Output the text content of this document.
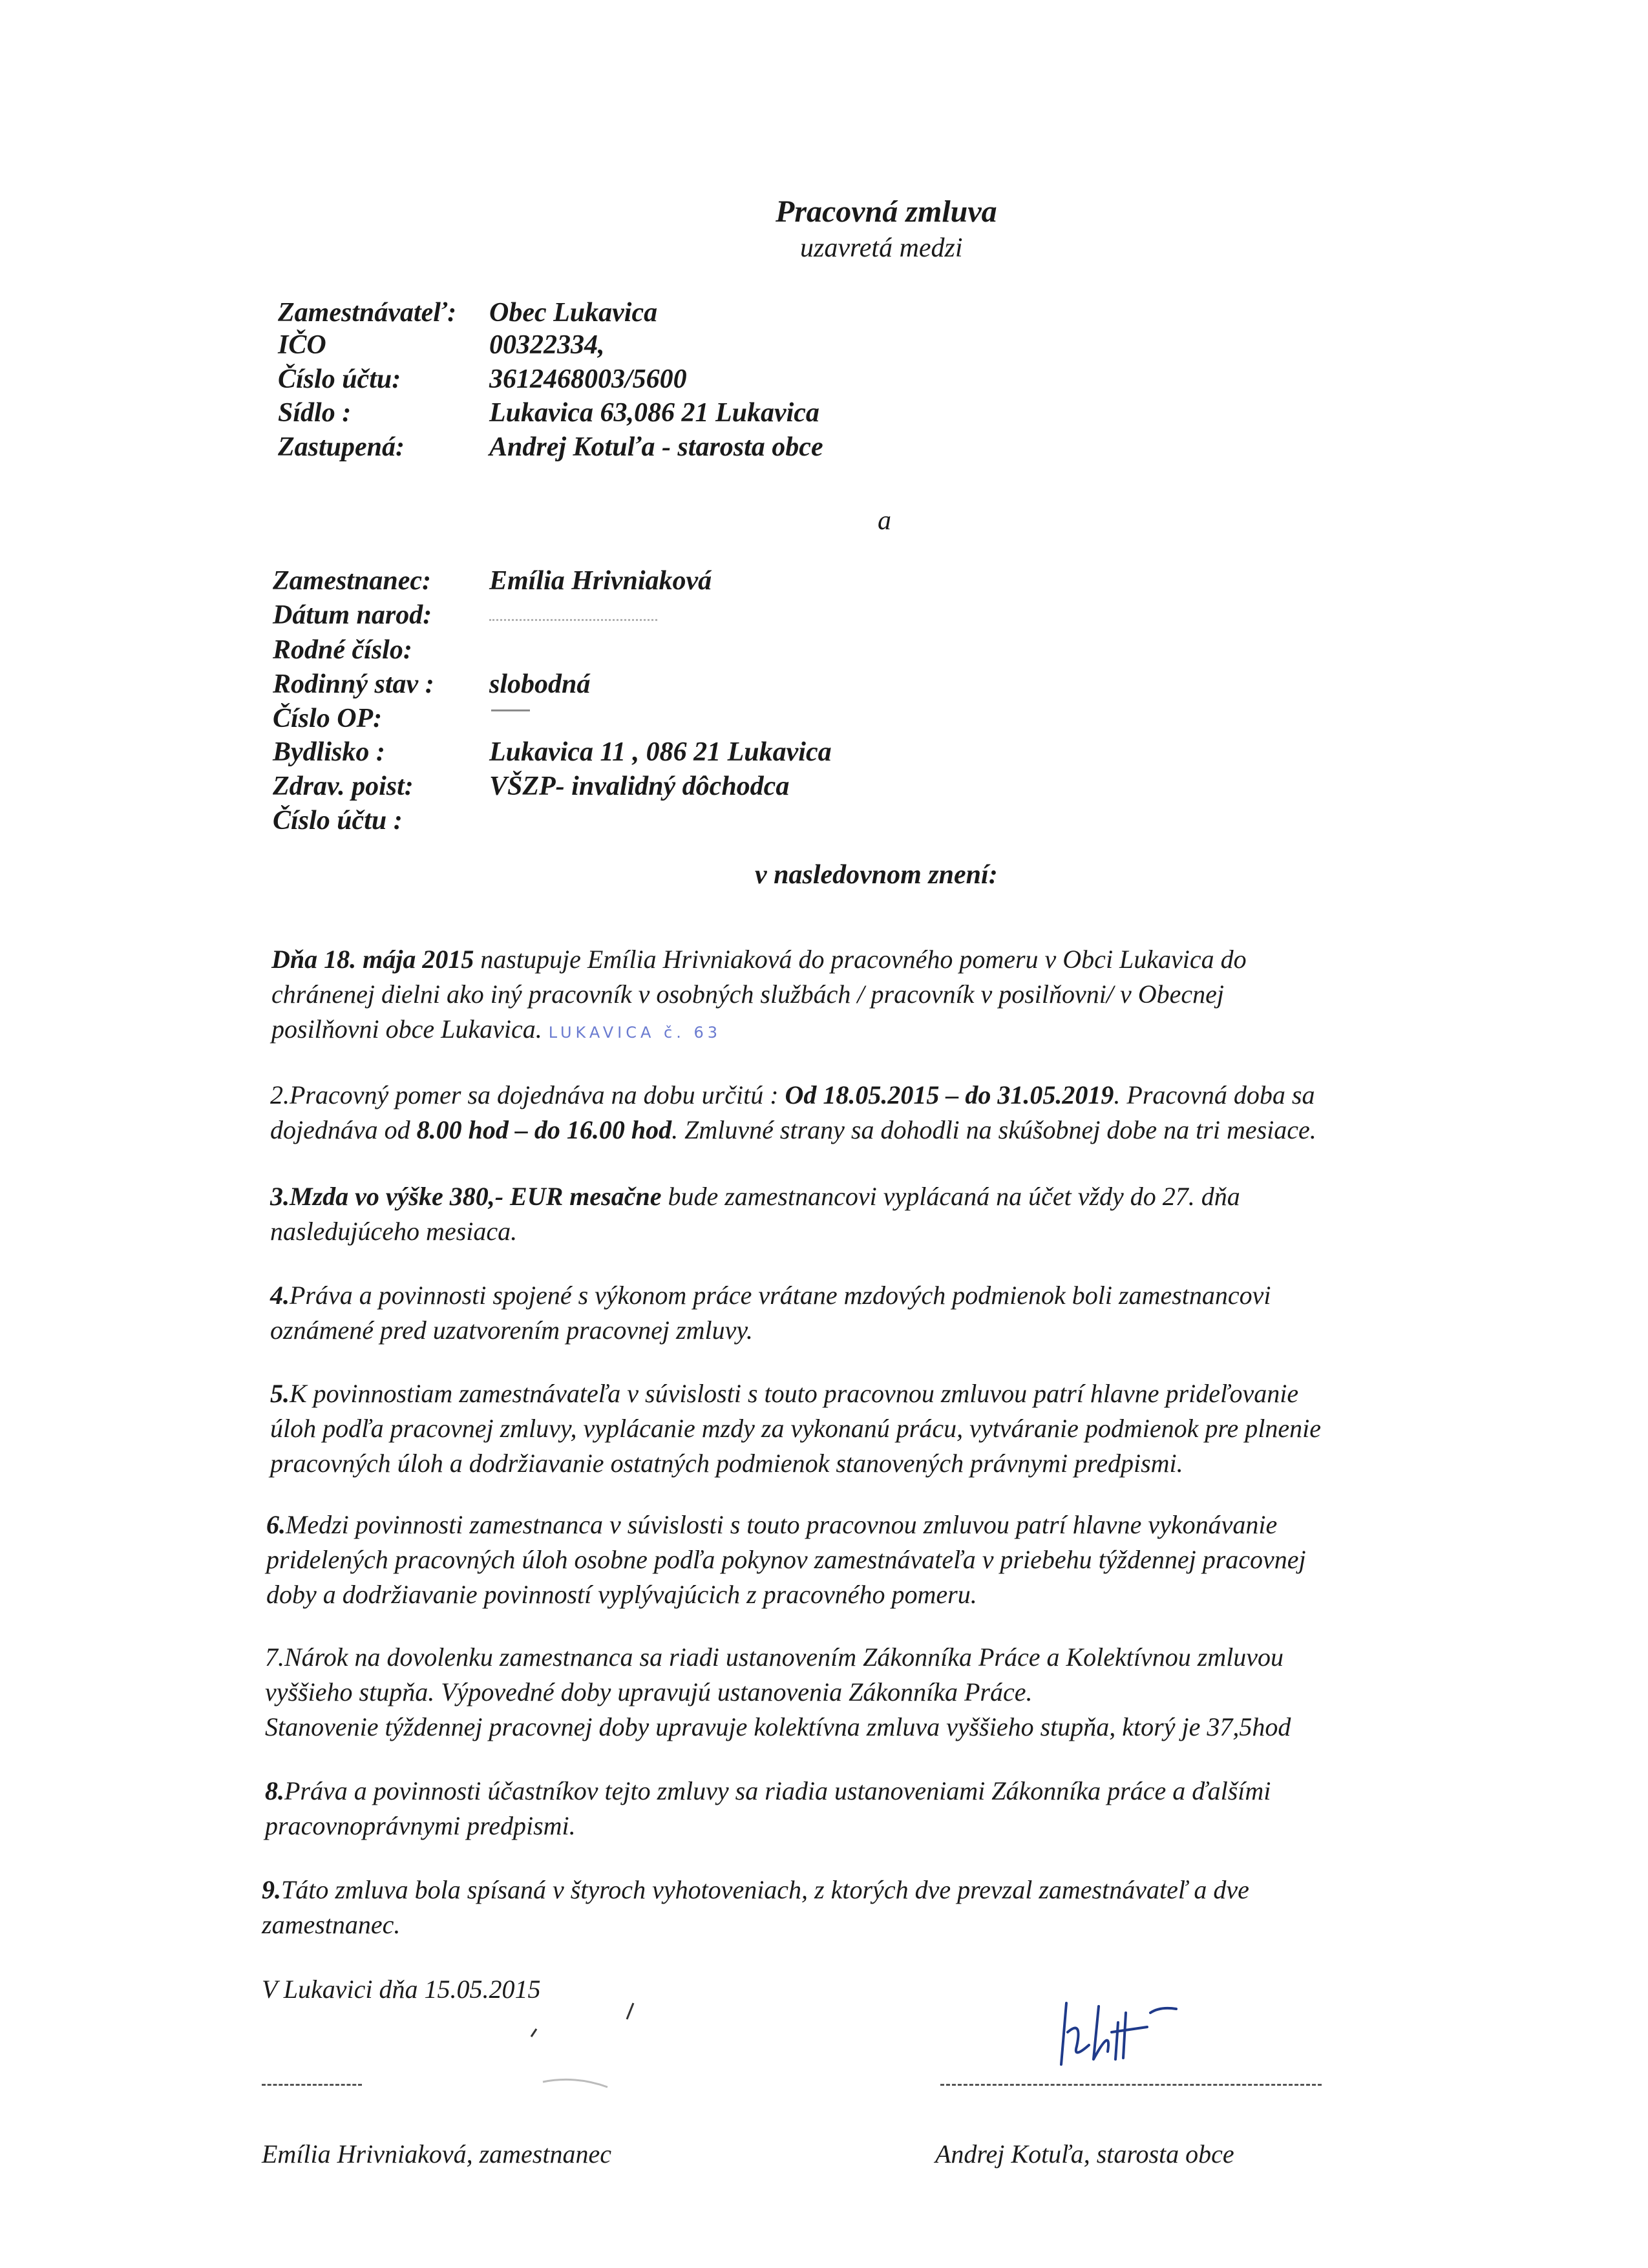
Pracovná zmluva
uzavretá medzi
Zamestnávateľ: Obec Lukavica
IČO	00322334,
Číslo účtu:	3612468003/5600
Sídlo :	Lukavica 63,086 21 Lukavica
Zastupená:	Andrej Kotuľa - starosta obce
a
Zamestnanec: Emília Hrivniaková
Dátum narod:
Rodné číslo:
Rodinný stav : slobodná
Číslo OP:
Bydlisko :	Lukavica 11 , 086 21 Lukavica
Zdrav. poist:	VŠZP- invalidný dôchodca
Číslo účtu :
v nasledovnom znení:
Dňa 18. mája 2015 nastupuje Emília Hrivniaková do pracovného pomeru v Obci Lukavica do
chránenej dielni ako iný pracovník v osobných službách / pracovník v posilňovni/ v Obecnej
posilňovni obce Lukavica. LUKAVICA č. 63
2.Pracovný pomer sa dojednáva na dobu určitú : Od 18.05.2015 – do 31.05.2019. Pracovná doba sa
dojednáva od 8.00 hod – do 16.00 hod. Zmluvné strany sa dohodli na skúšobnej dobe na tri mesiace.
3.Mzda vo výške 380,- EUR mesačne bude zamestnancovi vyplácaná na účet vždy do 27. dňa
nasledujúceho mesiaca.
4.Práva a povinnosti spojené s výkonom práce vrátane mzdových podmienok boli zamestnancovi
oznámené pred uzatvorením pracovnej zmluvy.
5.K povinnostiam zamestnávateľa v súvislosti s touto pracovnou zmluvou patrí hlavne prideľovanie
úloh podľa pracovnej zmluvy, vyplácanie mzdy za vykonanú prácu, vytváranie podmienok pre plnenie
pracovných úloh a dodržiavanie ostatných podmienok stanovených právnymi predpismi.
6.Medzi povinnosti zamestnanca v súvislosti s touto pracovnou zmluvou patrí hlavne vykonávanie
pridelených pracovných úloh osobne podľa pokynov zamestnávateľa v priebehu týždennej pracovnej
doby a dodržiavanie povinností vyplývajúcich z pracovného pomeru.
7.Nárok na dovolenku zamestnanca sa riadi ustanovením Zákonníka Práce a Kolektívnou zmluvou
vyššieho stupňa. Výpovedné doby upravujú ustanovenia Zákonníka Práce.
Stanovenie týždennej pracovnej doby upravuje kolektívna zmluva vyššieho stupňa, ktorý je 37,5hod
8.Práva a povinnosti účastníkov tejto zmluvy sa riadia ustanoveniami Zákonníka práce a ďalšími
pracovnoprávnymi predpismi.
9.Táto zmluva bola spísaná v štyroch vyhotoveniach, z ktorých dve prevzal zamestnávateľ a dve
zamestnanec.
V Lukavici dňa 15.05.2015
Emília Hrivniaková, zamestnanec	Andrej Kotuľa, starosta obce
